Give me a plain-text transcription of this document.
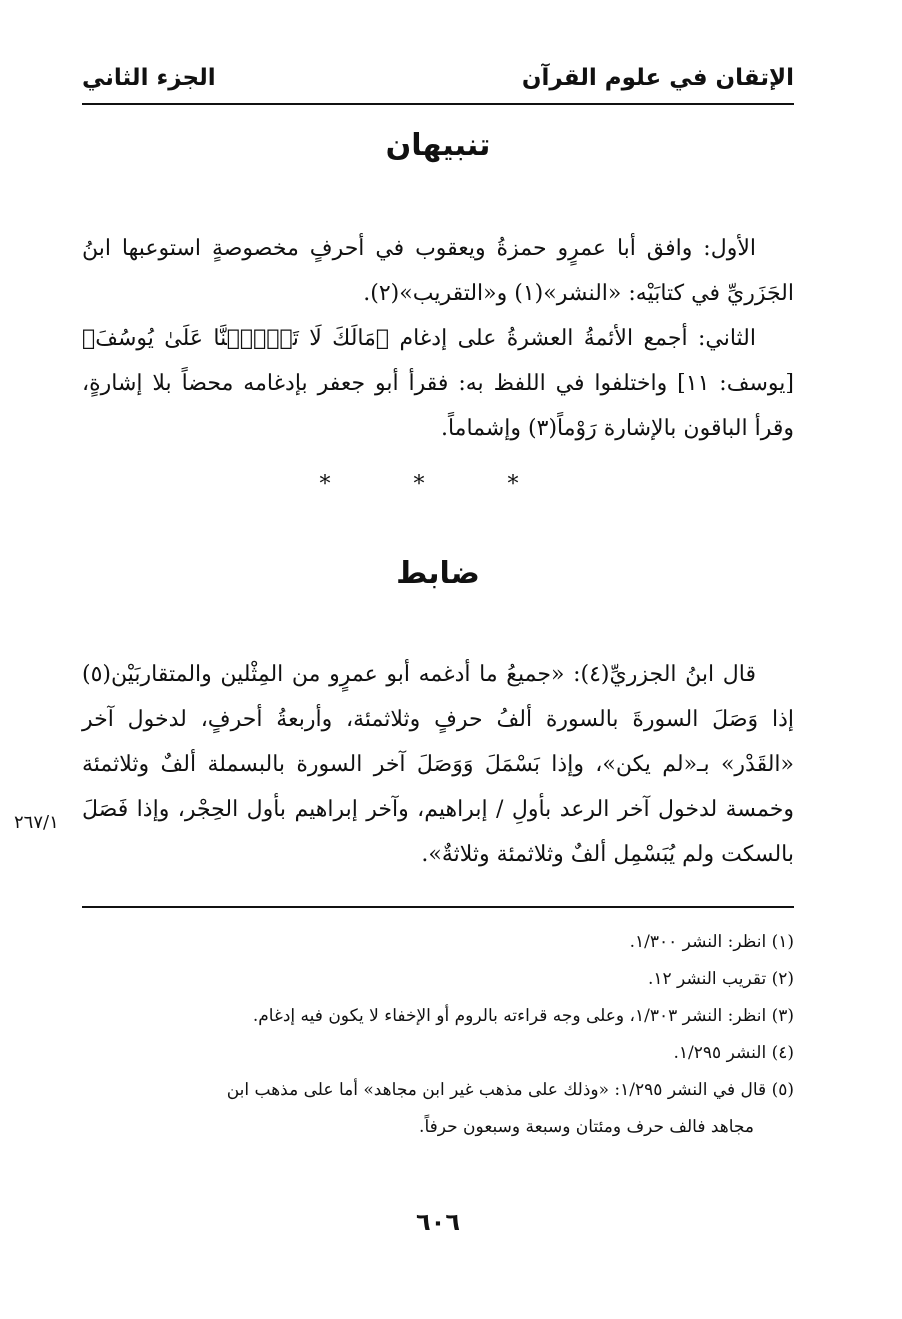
الإتقان في علوم القرآن
الجزء الثاني
تنبيهان

الأول: وافق أبا عمرٍو حمزةُ ويعقوب في أحرفٍ مخصوصةٍ استوعبها ابنُ الجَزَريِّ في كتابَيْه: «النشر»(١) و«التقريب»(٢).

الثاني: أجمع الأئمةُ العشرةُ على إدغام ﴿مَالَكَ لَا تَأۡمَ۫نَّا عَلَىٰ يُوسُفَ﴾ [يوسف: ١١] واختلفوا في اللفظ به: فقرأ أبو جعفر بإدغامه محضاً بلا إشارةٍ، وقرأ الباقون بالإشارة رَوْماً(٣) وإشماماً.

* * *
ضابط

قال ابنُ الجزريِّ(٤): «جميعُ ما أدغمه أبو عمرٍو من المِثْلين والمتقاربَيْن(٥) إذا وَصَلَ السورةَ بالسورة ألفُ حرفٍ وثلاثمئة، وأربعةُ أحرفٍ، لدخول آخر «القَدْر» بـ«لم يكن»، وإذا بَسْمَلَ وَوَصَلَ آخر السورة بالبسملة ألفٌ وثلاثمئة وخمسة لدخول آخر الرعد بأولِ / إبراهيم، وآخر إبراهيم بأول الحِجْر، وإذا فَصَلَ بالسكت ولم يُبَسْمِل ألفٌ وثلاثمئة وثلاثةٌ».

٢٦٧/١

(١) انظر: النشر ١/٣٠٠.

(٢) تقريب النشر ١٢.

(٣) انظر: النشر ١/٣٠٣، وعلى وجه قراءته بالروم أو الإخفاء لا يكون فيه إدغام.

(٤) النشر ١/٢٩٥.

(٥) قال في النشر ١/٢٩٥: «وذلك على مذهب غير ابن مجاهد» أما على مذهب ابن

مجاهد فالف حرف ومئتان وسبعة وسبعون حرفاً.

٦٠٦
